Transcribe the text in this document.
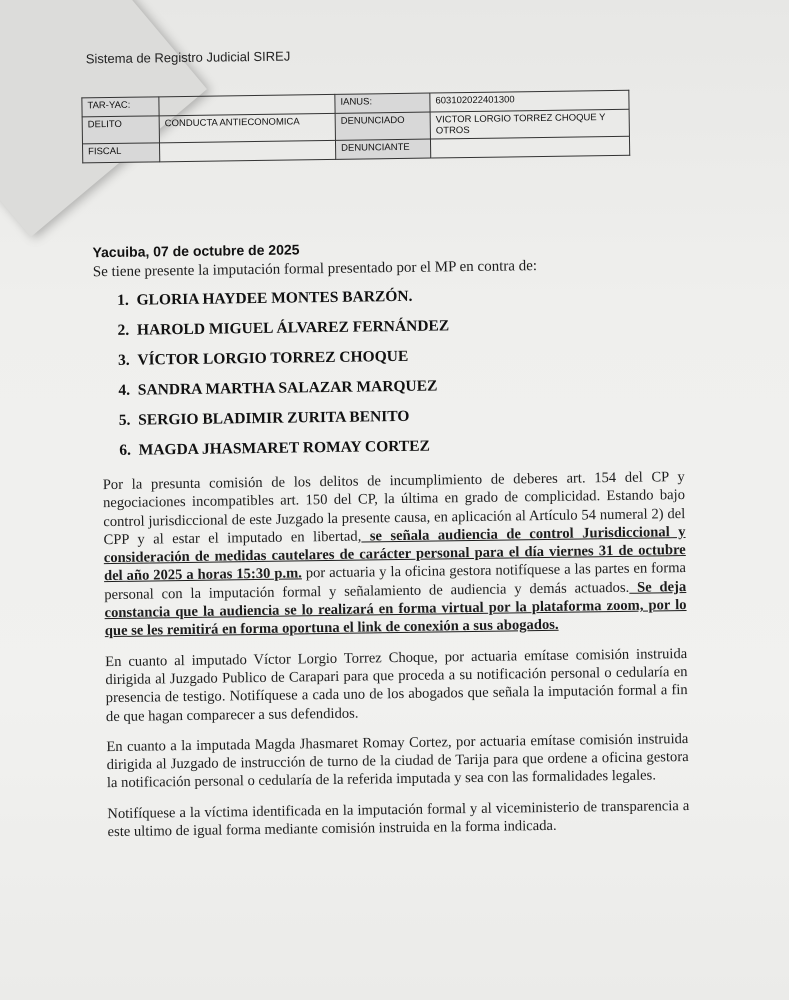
Sistema de Registro Judicial SIREJ
TAR-YAC:		IANUS:	603102022401300
DELITO	CONDUCTA ANTIECONOMICA	DENUNCIADO	VICTOR LORGIO TORREZ CHOQUE Y OTROS
FISCAL		DENUNCIANTE	
Yacuiba, 07 de octubre de 2025
Se tiene presente la imputación formal presentado por el MP en contra de:
1. GLORIA HAYDEE MONTES BARZÓN.
2. HAROLD MIGUEL ÁLVAREZ FERNÁNDEZ
3. VÍCTOR LORGIO TORREZ CHOQUE
4. SANDRA MARTHA SALAZAR MARQUEZ
5. SERGIO BLADIMIR ZURITA BENITO
6. MAGDA JHASMARET ROMAY CORTEZ

Por la presunta comisión de los delitos de incumplimiento de deberes art. 154 del CP y negociaciones incompatibles art. 150 del CP, la última en grado de complicidad. Estando bajo control jurisdiccional de este Juzgado la presente causa, en aplicación al Artículo 54 numeral 2) del CPP y al estar el imputado en libertad, se señala audiencia de control Jurisdiccional y consideración de medidas cautelares de carácter personal para el día viernes 31 de octubre del año 2025 a horas 15:30 p.m. por actuaria y la oficina gestora notifíquese a las partes en forma personal con la imputación formal y señalamiento de audiencia y demás actuados. Se deja constancia que la audiencia se lo realizará en forma virtual por la plataforma zoom, por lo que se les remitirá en forma oportuna el link de conexión a sus abogados.

En cuanto al imputado Víctor Lorgio Torrez Choque, por actuaria emítase comisión instruida dirigida al Juzgado Publico de Carapari para que proceda a su notificación personal o cedularía en presencia de testigo. Notifíquese a cada uno de los abogados que señala la imputación formal a fin de que hagan comparecer a sus defendidos.

En cuanto a la imputada Magda Jhasmaret Romay Cortez, por actuaria emítase comisión instruida dirigida al Juzgado de instrucción de turno de la ciudad de Tarija para que ordene a oficina gestora la notificación personal o cedularía de la referida imputada y sea con las formalidades legales.

Notifíquese a la víctima identificada en la imputación formal y al viceministerio de transparencia a este ultimo de igual forma mediante comisión instruida en la forma indicada.
